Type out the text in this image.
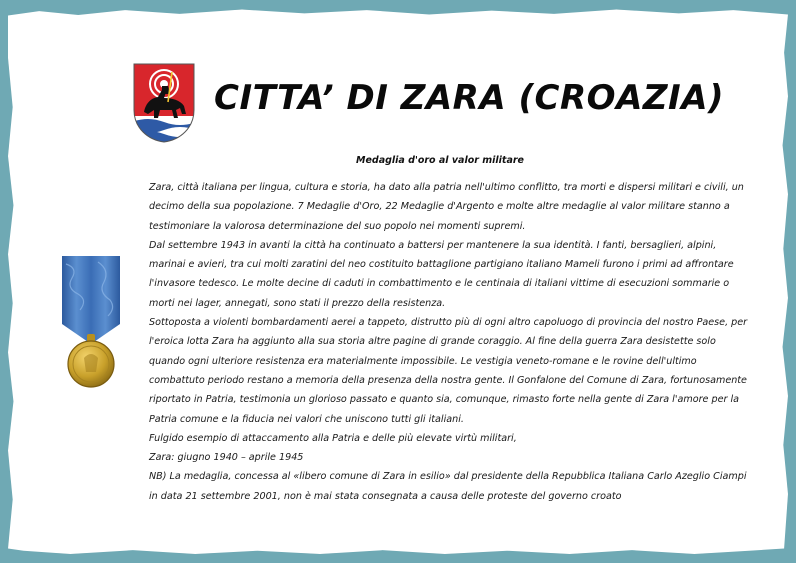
CITTA’ DI ZARA (CROAZIA)
Medaglia d'oro al valor militare

Zara, città italiana per lingua, cultura e storia, ha dato alla patria nell'ultimo conflitto, tra morti e dispersi militari e civili, un decimo della sua popolazione. 7 Medaglie d'Oro, 22 Medaglie d'Argento e molte altre medaglie al valor militare stanno a testimoniare la valorosa determinazione del suo popolo nei momenti supremi.

Dal settembre 1943 in avanti la città ha continuato a battersi per mantenere la sua identità. I fanti, bersaglieri, alpini, marinai e avieri, tra cui molti zaratini del neo costituito battaglione partigiano italiano Mameli furono i primi ad affrontare l'invasore tedesco. Le molte decine di caduti in combattimento e le centinaia di italiani vittime di esecuzioni sommarie o morti nei lager, annegati, sono stati il prezzo della resistenza.

Sottoposta a violenti bombardamenti aerei a tappeto, distrutto più di ogni altro capoluogo di provincia del nostro Paese, per l'eroica lotta Zara ha aggiunto alla sua storia altre pagine di grande coraggio. Al fine della guerra Zara desistette solo quando ogni ulteriore resistenza era materialmente impossibile. Le vestigia veneto-romane e le rovine dell'ultimo combattuto periodo restano a memoria della presenza della nostra gente. Il Gonfalone del Comune di Zara, fortunosamente riportato in Patria, testimonia un glorioso passato e quanto sia, comunque, rimasto forte nella gente di Zara l'amore per la Patria comune e la fiducia nei valori che uniscono tutti gli italiani.

Fulgido esempio di attaccamento alla Patria e delle più elevate virtù militari,

Zara: giugno 1940 – aprile 1945

NB) La medaglia, concessa al «libero comune di Zara in esilio» dal presidente della Repubblica Italiana Carlo Azeglio Ciampi in data 21 settembre 2001, non è mai stata consegnata a causa delle proteste del governo croato
